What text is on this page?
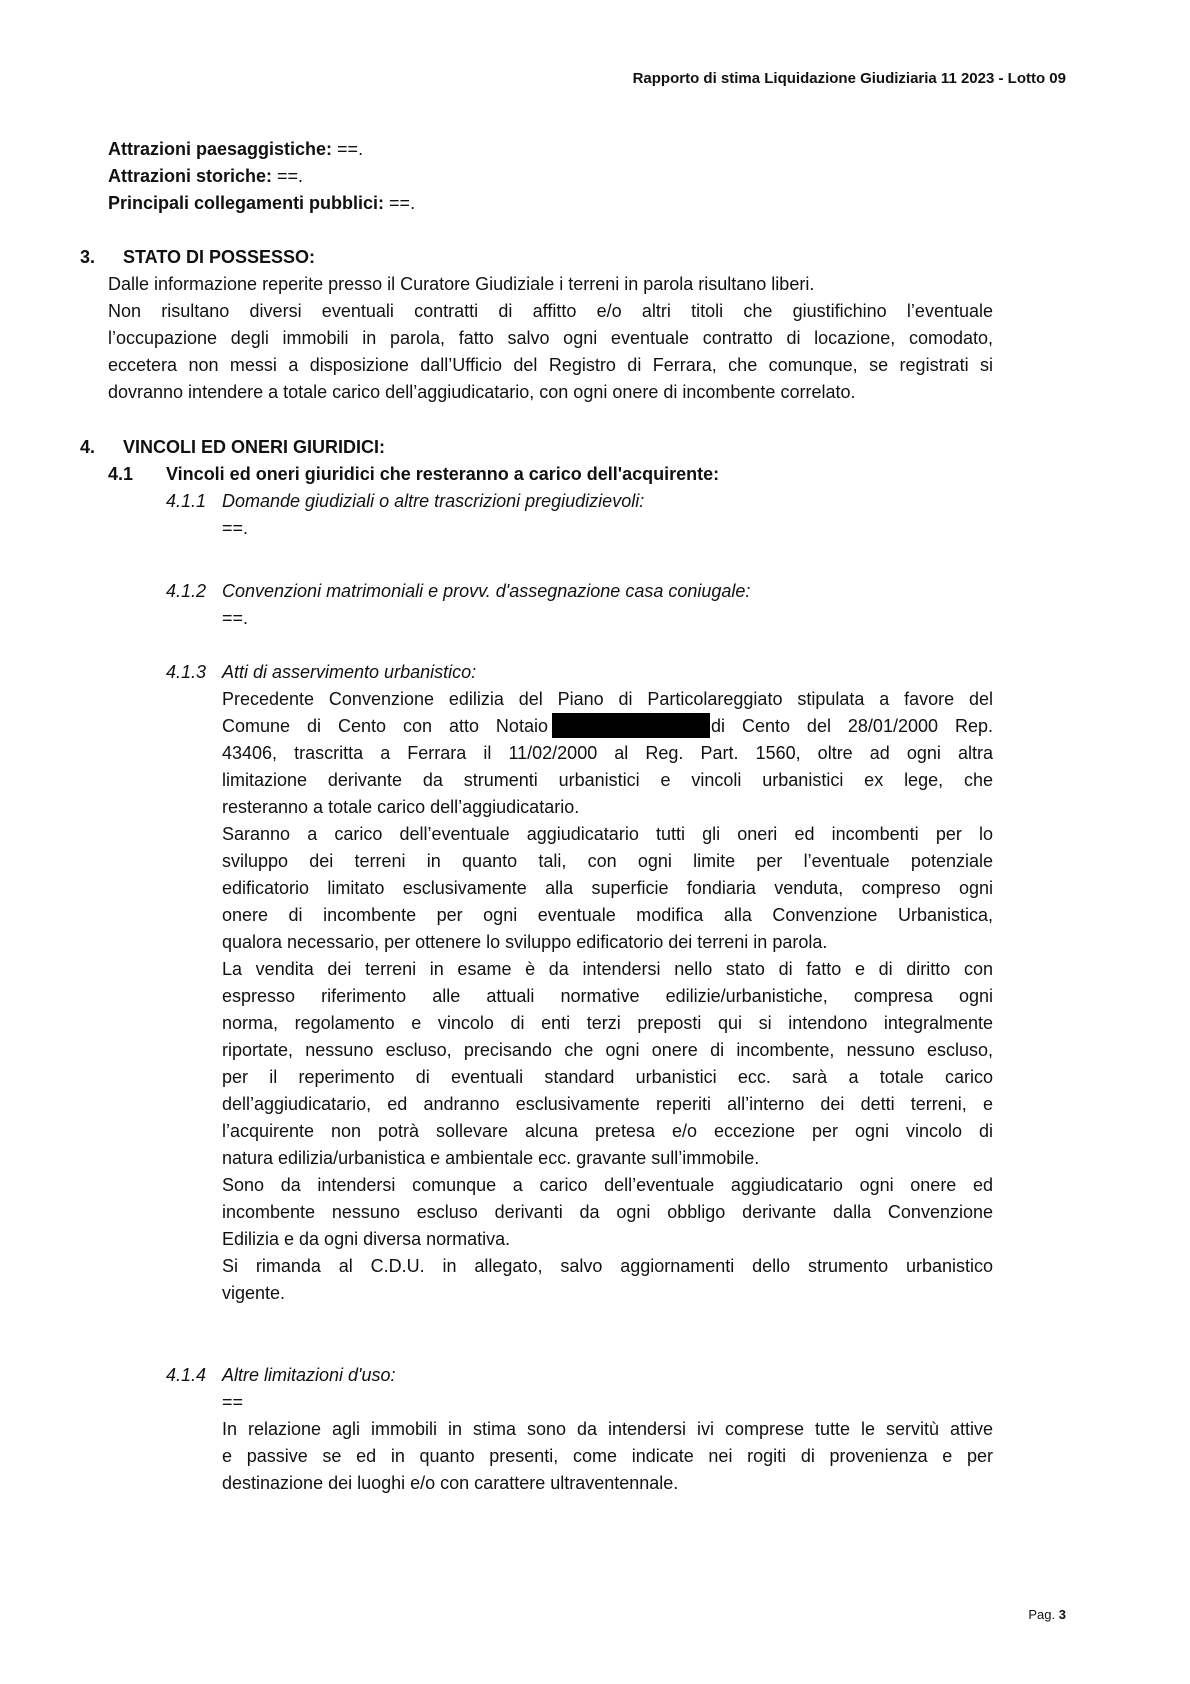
Rapporto di stima Liquidazione Giudiziaria 11 2023 - Lotto 09
Attrazioni paesaggistiche: ==.
Attrazioni storiche: ==.
Principali collegamenti pubblici: ==.
3. STATO DI POSSESSO:
Dalle informazione reperite presso il Curatore Giudiziale i terreni in parola risultano liberi.
Non risultano diversi eventuali contratti di affitto e/o altri titoli che giustifichino l’eventuale
l’occupazione degli immobili in parola, fatto salvo ogni eventuale contratto di locazione, comodato,
eccetera non messi a disposizione dall’Ufficio del Registro di Ferrara, che comunque, se registrati si
dovranno intendere a totale carico dell’aggiudicatario, con ogni onere di incombente correlato.
4. VINCOLI ED ONERI GIURIDICI:
4.1 Vincoli ed oneri giuridici che resteranno a carico dell'acquirente:
4.1.1 Domande giudiziali o altre trascrizioni pregiudizievoli:
==.
4.1.2 Convenzioni matrimoniali e provv. d'assegnazione casa coniugale:
==.
4.1.3 Atti di asservimento urbanistico:
Precedente Convenzione edilizia del Piano di Particolareggiato stipulata a favore del
Comune di Cento con atto Notaio	di Cento del 28/01/2000 Rep.
43406, trascritta a Ferrara il 11/02/2000 al Reg. Part. 1560, oltre ad ogni altra
limitazione derivante da strumenti urbanistici e vincoli urbanistici ex lege, che
resteranno a totale carico dell’aggiudicatario.
Saranno a carico dell’eventuale aggiudicatario tutti gli oneri ed incombenti per lo
sviluppo dei terreni in quanto tali, con ogni limite per l’eventuale potenziale
edificatorio limitato esclusivamente alla superficie fondiaria venduta, compreso ogni
onere di incombente per ogni eventuale modifica alla Convenzione Urbanistica,
qualora necessario, per ottenere lo sviluppo edificatorio dei terreni in parola.
La vendita dei terreni in esame è da intendersi nello stato di fatto e di diritto con
espresso riferimento alle attuali normative edilizie/urbanistiche, compresa ogni
norma, regolamento e vincolo di enti terzi preposti qui si intendono integralmente
riportate, nessuno escluso, precisando che ogni onere di incombente, nessuno escluso,
per il reperimento di eventuali standard urbanistici ecc. sarà a totale carico
dell’aggiudicatario, ed andranno esclusivamente reperiti all’interno dei detti terreni, e
l’acquirente non potrà sollevare alcuna pretesa e/o eccezione per ogni vincolo di
natura edilizia/urbanistica e ambientale ecc. gravante sull’immobile.
Sono da intendersi comunque a carico dell’eventuale aggiudicatario ogni onere ed
incombente nessuno escluso derivanti da ogni obbligo derivante dalla Convenzione
Edilizia e da ogni diversa normativa.
Si rimanda al C.D.U. in allegato, salvo aggiornamenti dello strumento urbanistico
vigente.
4.1.4 Altre limitazioni d'uso:
==
In relazione agli immobili in stima sono da intendersi ivi comprese tutte le servitù attive
e passive se ed in quanto presenti, come indicate nei rogiti di provenienza e per
destinazione dei luoghi e/o con carattere ultraventennale.
Pag. 3
